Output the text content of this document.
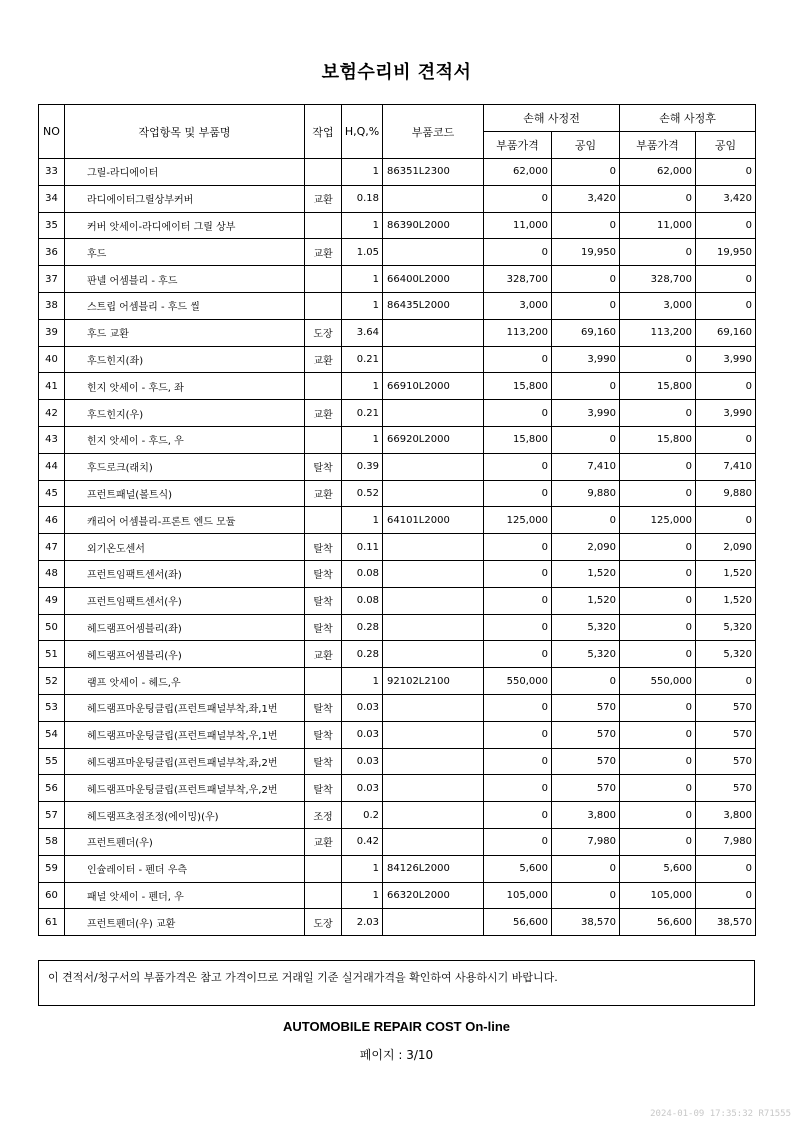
보험수리비 견적서
NO	작업항목 및 부품명	작업	H,Q,%	부품코드	손해 사정전		손해 사정후	
					부품가격	공임	부품가격	공임
33	그릴-라디에이터		1	86351L2300	62,000	0	62,000	0
34	라디에이터그릴상부커버	교환	0.18		0	3,420	0	3,420
35	커버 앗세이-라디에이터 그릴 상부		1	86390L2000	11,000	0	11,000	0
36	후드	교환	1.05		0	19,950	0	19,950
37	판넬 어셈블리 - 후드		1	66400L2000	328,700	0	328,700	0
38	스트립 어셈블리 - 후드 씰		1	86435L2000	3,000	0	3,000	0
39	후드 교환	도장	3.64		113,200	69,160	113,200	69,160
40	후드힌지(좌)	교환	0.21		0	3,990	0	3,990
41	힌지 앗세이 - 후드, 좌		1	66910L2000	15,800	0	15,800	0
42	후드힌지(우)	교환	0.21		0	3,990	0	3,990
43	힌지 앗세이 - 후드, 우		1	66920L2000	15,800	0	15,800	0
44	후드로크(래치)	탈착	0.39		0	7,410	0	7,410
45	프런트패널(볼트식)	교환	0.52		0	9,880	0	9,880
46	캐리어 어셈블리-프론트 엔드 모듈		1	64101L2000	125,000	0	125,000	0
47	외기온도센서	탈착	0.11		0	2,090	0	2,090
48	프런트임팩트센서(좌)	탈착	0.08		0	1,520	0	1,520
49	프런트임팩트센서(우)	탈착	0.08		0	1,520	0	1,520
50	헤드램프어셈블리(좌)	탈착	0.28		0	5,320	0	5,320
51	헤드램프어셈블리(우)	교환	0.28		0	5,320	0	5,320
52	램프 앗세이 - 헤드,우		1	92102L2100	550,000	0	550,000	0
53	헤드램프마운팅클립(프런트패널부착,좌,1번	탈착	0.03		0	570	0	570
54	헤드램프마운팅클립(프런트패널부착,우,1번	탈착	0.03		0	570	0	570
55	헤드램프마운팅클립(프런트패널부착,좌,2번	탈착	0.03		0	570	0	570
56	헤드램프마운팅클립(프런트패널부착,우,2번	탈착	0.03		0	570	0	570
57	헤드램프초점조정(에이밍)(우)	조정	0.2		0	3,800	0	3,800
58	프런트펜더(우)	교환	0.42		0	7,980	0	7,980
59	인슐레이터 - 펜더 우측		1	84126L2000	5,600	0	5,600	0
60	패널 앗세이 - 펜더, 우		1	66320L2000	105,000	0	105,000	0
61	프런트펜더(우) 교환	도장	2.03		56,600	38,570	56,600	38,570
이 견적서/청구서의 부품가격은 참고 가격이므로 거래일 기준 실거래가격을 확인하여 사용하시기 바랍니다.
AUTOMOBILE REPAIR COST On-line
페이지 : 3/10
2024-01-09 17:35:32 R71555
